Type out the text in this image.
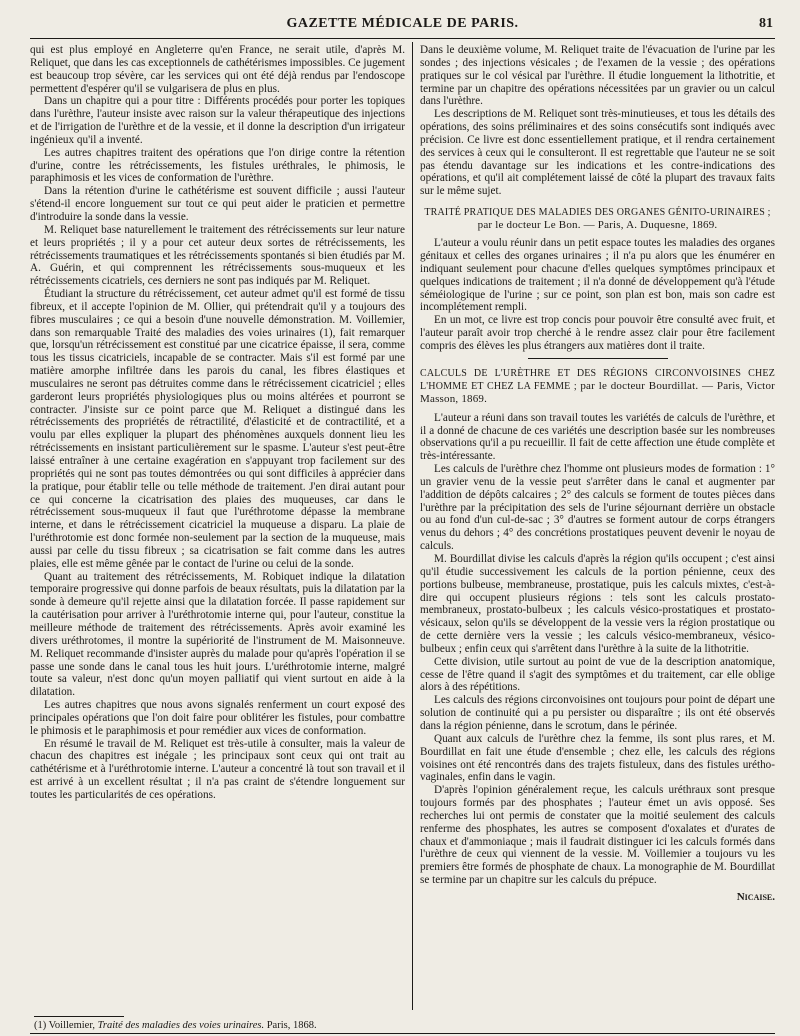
GAZETTE MÉDICALE DE PARIS.	81

qui est plus employé en Angleterre qu'en France, ne serait utile, d'après M. Reliquet, que dans les cas exceptionnels de cathétérismes impossibles. Ce jugement est beaucoup trop sévère, car les services qui ont été déjà rendus par l'endoscope permettent d'espérer qu'il se vulgarisera de plus en plus.

Dans un chapitre qui a pour titre : Différents procédés pour porter les topiques dans l'urèthre, l'auteur insiste avec raison sur la valeur thérapeutique des injections et de l'irrigation de l'urèthre et de la vessie, et il donne la description d'un irrigateur ingénieux qu'il a inventé.

Les autres chapitres traitent des opérations que l'on dirige contre la rétention d'urine, contre les rétrécissements, les fistules uréthrales, le phimosis, le paraphimosis et les vices de conformation de l'urèthre.

Dans la rétention d'urine le cathétérisme est souvent difficile ; aussi l'auteur s'étend-il encore longuement sur tout ce qui peut aider le praticien et permettre d'introduire la sonde dans la vessie.

M. Reliquet base naturellement le traitement des rétrécissements sur leur nature et leurs propriétés ; il y a pour cet auteur deux sortes de rétrécissements, les rétrécissements traumatiques et les rétrécissements spontanés si bien étudiés par M. A. Guérin, et qui comprennent les rétrécissements sous-muqueux et les rétrécissements cicatriels, ces derniers ne sont pas indiqués par M. Reliquet.

Étudiant la structure du rétrécissement, cet auteur admet qu'il est formé de tissu fibreux, et il accepte l'opinion de M. Ollier, qui prétendrait qu'il y a toujours des fibres musculaires ; ce qui a besoin d'une nouvelle démonstration. M. Voillemier, dans son remarquable Traité des maladies des voies urinaires (1), fait remarquer que, lorsqu'un rétrécissement est constitué par une cicatrice épaisse, il sera, comme tous les tissus cicatriciels, incapable de se contracter. Mais s'il est formé par une matière amorphe infiltrée dans les parois du canal, les fibres élastiques et musculaires ne seront pas détruites comme dans le rétrécissement cicatriciel ; elles garderont leurs propriétés physiologiques plus ou moins altérées et pourront se contracter. J'insiste sur ce point parce que M. Reliquet a distingué dans les rétrécissements des propriétés de rétractilité, d'élasticité et de contractilité, et a voulu par elles expliquer la plupart des phénomènes auxquels donnent lieu les rétrécissements en insistant particulièrement sur le spasme. L'auteur s'est peut-être laissé entraîner à une certaine exagération en s'appuyant trop facilement sur des propriétés qui ne sont pas toutes démontrées ou qui sont difficiles à apprécier dans la pratique, pour établir telle ou telle méthode de traitement. J'en dirai autant pour ce qui concerne la cicatrisation des plaies des muqueuses, car dans le rétrécissement sous-muqueux il faut que l'uréthrotome dépasse la membrane interne, et dans le rétrécissement cicatriciel la muqueuse a disparu. La plaie de l'uréthrotomie est donc formée non-seulement par la section de la muqueuse, mais aussi par celle du tissu fibreux ; sa cicatrisation se fait comme dans les autres plaies, elle est même gênée par le contact de l'urine ou celui de la sonde.

Quant au traitement des rétrécissements, M. Robiquet indique la dilatation temporaire progressive qui donne parfois de beaux résultats, puis la dilatation par la sonde à demeure qu'il rejette ainsi que la dilatation forcée. Il passe rapidement sur la cautérisation pour arriver à l'uréthrotomie interne qui, pour l'auteur, constitue la meilleure méthode de traitement des rétrécissements. Après avoir examiné les divers uréthrotomes, il montre la supériorité de l'instrument de M. Maisonneuve. M. Reliquet recommande d'insister auprès du malade pour qu'après l'opération il se passe une sonde dans le canal tous les huit jours. L'uréthrotomie interne, malgré toute sa valeur, n'est donc qu'un moyen palliatif qui vient surtout en aide à la dilatation.

Les autres chapitres que nous avons signalés renferment un court exposé des principales opérations que l'on doit faire pour oblitérer les fistules, pour combattre le phimosis et le paraphimosis et pour remédier aux vices de conformation.

En résumé le travail de M. Reliquet est très-utile à consulter, mais la valeur de chacun des chapitres est inégale ; les principaux sont ceux qui ont trait au cathétérisme et à l'uréthrotomie interne. L'auteur a concentré là tout son travail et il est arrivé à un excellent résultat ; il n'a pas craint de s'étendre longuement sur toutes les particularités de ces opérations.

Dans le deuxième volume, M. Reliquet traite de l'évacuation de l'urine par les sondes ; des injections vésicales ; de l'examen de la vessie ; des opérations pratiques sur le col vésical par l'urèthre. Il étudie longuement la lithotritie, et termine par un chapitre des opérations nécessitées par un gravier ou un calcul dans l'urèthre.

Les descriptions de M. Reliquet sont très-minutieuses, et tous les détails des opérations, des soins préliminaires et des soins consécutifs sont indiqués avec précision. Ce livre est donc essentiellement pratique, et il rendra certainement des services à ceux qui le consulteront. Il est regrettable que l'auteur ne se soit pas étendu davantage sur les indications et les contre-indications des opérations, et qu'il ait complétement laissé de côté la plupart des travaux faits sur le même sujet.

TRAITÉ PRATIQUE DES MALADIES DES ORGANES GÉNITO-URINAIRES ;
par le docteur Le Bon. — Paris, A. Duquesne, 1869.

L'auteur a voulu réunir dans un petit espace toutes les maladies des organes génitaux et celles des organes urinaires ; il n'a pu alors que les énumérer en indiquant seulement pour chacune d'elles quelques symptômes principaux et quelques indications de traitement ; il n'a donné de développement qu'à l'étude séméiologique de l'urine ; sur ce point, son plan est bon, mais son cadre est incomplétement rempli.

En un mot, ce livre est trop concis pour pouvoir être consulté avec fruit, et l'auteur paraît avoir trop cherché à le rendre assez clair pour être facilement compris des élèves les plus étrangers aux matières dont il traite.

CALCULS DE L'URÈTHRE ET DES RÉGIONS CIRCONVOISINES CHEZ L'HOMME ET CHEZ LA FEMME ; par le docteur Bourdillat. — Paris, Victor Masson, 1869.

L'auteur a réuni dans son travail toutes les variétés de calculs de l'urèthre, et il a donné de chacune de ces variétés une description basée sur les nombreuses observations qu'il a pu recueillir. Il fait de cette affection une étude complète et très-intéressante.

Les calculs de l'urèthre chez l'homme ont plusieurs modes de formation : 1° un gravier venu de la vessie peut s'arrêter dans le canal et augmenter par l'addition de dépôts calcaires ; 2° des calculs se forment de toutes pièces dans l'urèthre par la précipitation des sels de l'urine séjournant derrière un obstacle ou au fond d'un cul-de-sac ; 3° d'autres se forment autour de corps étrangers venus du dehors ; 4° des concrétions prostatiques peuvent devenir le noyau de calculs.

M. Bourdillat divise les calculs d'après la région qu'ils occupent ; c'est ainsi qu'il étudie successivement les calculs de la portion pénienne, ceux des portions bulbeuse, membraneuse, prostatique, puis les calculs mixtes, c'est-à-dire qui occupent plusieurs régions : tels sont les calculs prostato-membraneux, prostato-bulbeux ; les calculs vésico-prostatiques et prostato-vésicaux, selon qu'ils se développent de la vessie vers la région prostatique ou de cette dernière vers la vessie ; les calculs vésico-membraneux, vésico-bulbeux ; enfin ceux qui s'arrêtent dans l'urèthre à la suite de la lithotritie.

Cette division, utile surtout au point de vue de la description anatomique, cesse de l'être quand il s'agit des symptômes et du traitement, car elle oblige alors à des répétitions.

Les calculs des régions circonvoisines ont toujours pour point de départ une solution de continuité qui a pu persister ou disparaître ; ils ont été observés dans la région pénienne, dans le scrotum, dans le périnée.

Quant aux calculs de l'urèthre chez la femme, ils sont plus rares, et M. Bourdillat en fait une étude d'ensemble ; chez elle, les calculs des régions voisines ont été rencontrés dans des trajets fistuleux, dans des fistules urétho-vaginales, enfin dans le vagin.

D'après l'opinion généralement reçue, les calculs uréthraux sont presque toujours formés par des phosphates ; l'auteur émet un avis opposé. Ses recherches lui ont permis de constater que la moitié seulement des calculs renferme des phosphates, les autres se composent d'oxalates et d'urates de chaux et d'ammoniaque ; mais il faudrait distinguer ici les calculs formés dans l'urèthre de ceux qui viennent de la vessie. M. Voillemier a toujours vu les premiers être formés de phosphate de chaux. La monographie de M. Bourdillat se termine par un chapitre sur les calculs du prépuce.

Nicaise.
(1) Voillemier, Traité des maladies des voies urinaires. Paris, 1868.
